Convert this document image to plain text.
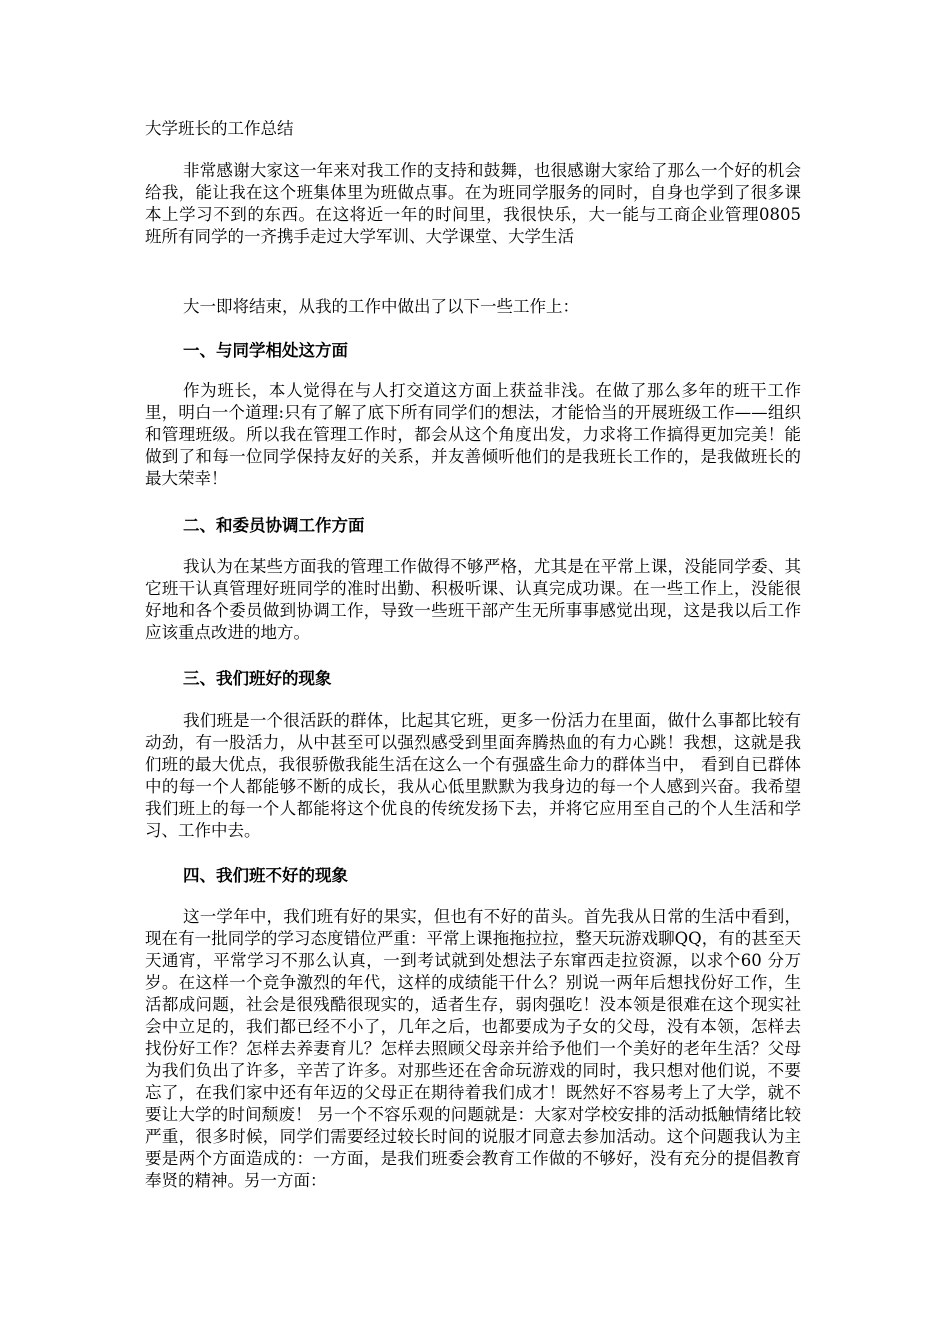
大学班长的工作总结

非常感谢大家这一年来对我工作的支持和鼓舞，也很感谢大家给了那么一个好的机会给我，能让我在这个班集体里为班做点事。在为班同学服务的同时，自身也学到了很多课本上学习不到的东西。在这将近一年的时间里，我很快乐，大一能与工商企业管理0805 班所有同学的一齐携手走过大学军训、大学课堂、大学生活

大一即将结束，从我的工作中做出了以下一些工作上：

一、与同学相处这方面

作为班长，本人觉得在与人打交道这方面上获益非浅。在做了那么多年的班干工作里，明白一个道理:只有了解了底下所有同学们的想法，才能恰当的开展班级工作——组织和管理班级。所以我在管理工作时，都会从这个角度出发，力求将工作搞得更加完美！能做到了和每一位同学保持友好的关系，并友善倾听他们的是我班长工作的，是我做班长的最大荣幸！

二、和委员协调工作方面

我认为在某些方面我的管理工作做得不够严格，尤其是在平常上课，没能同学委、其它班干认真管理好班同学的准时出勤、积极听课、认真完成功课。在一些工作上，没能很好地和各个委员做到协调工作，导致一些班干部产生无所事事感觉出现，这是我以后工作应该重点改进的地方。

三、我们班好的现象

我们班是一个很活跃的群体，比起其它班，更多一份活力在里面，做什么事都比较有动劲，有一股活力，从中甚至可以强烈感受到里面奔腾热血的有力心跳！我想，这就是我们班的最大优点，我很骄傲我能生活在这么一个有强盛生命力的群体当中， 看到自已群体中的每一个人都能够不断的成长，我从心低里默默为我身边的每一个人感到兴奋。我希望我们班上的每一个人都能将这个优良的传统发扬下去，并将它应用至自己的个人生活和学习、工作中去。

四、我们班不好的现象

这一学年中，我们班有好的果实，但也有不好的苗头。首先我从日常的生活中看到，现在有一批同学的学习态度错位严重：平常上课拖拖拉拉，整天玩游戏聊QQ，有的甚至天天通宵，平常学习不那么认真，一到考试就到处想法子东窜西走拉资源，以求个60 分万岁。在这样一个竞争激烈的年代，这样的成绩能干什么？别说一两年后想找份好工作，生活都成问题，社会是很残酷很现实的，适者生存，弱肉强吃！没本领是很难在这个现实社会中立足的，我们都已经不小了，几年之后，也都要成为子女的父母，没有本领，怎样去找份好工作？怎样去养妻育儿？怎样去照顾父母亲并给予他们一个美好的老年生活？父母为我们负出了许多，辛苦了许多。对那些还在舍命玩游戏的同时，我只想对他们说，不要忘了，在我们家中还有年迈的父母正在期待着我们成才！既然好不容易考上了大学，就不要让大学的时间颓废！ 另一个不容乐观的问题就是：大家对学校安排的活动抵触情绪比较严重，很多时候，同学们需要经过较长时间的说服才同意去参加活动。这个问题我认为主要是两个方面造成的：一方面，是我们班委会教育工作做的不够好，没有充分的提倡教育奉贤的精神。另一方面：
